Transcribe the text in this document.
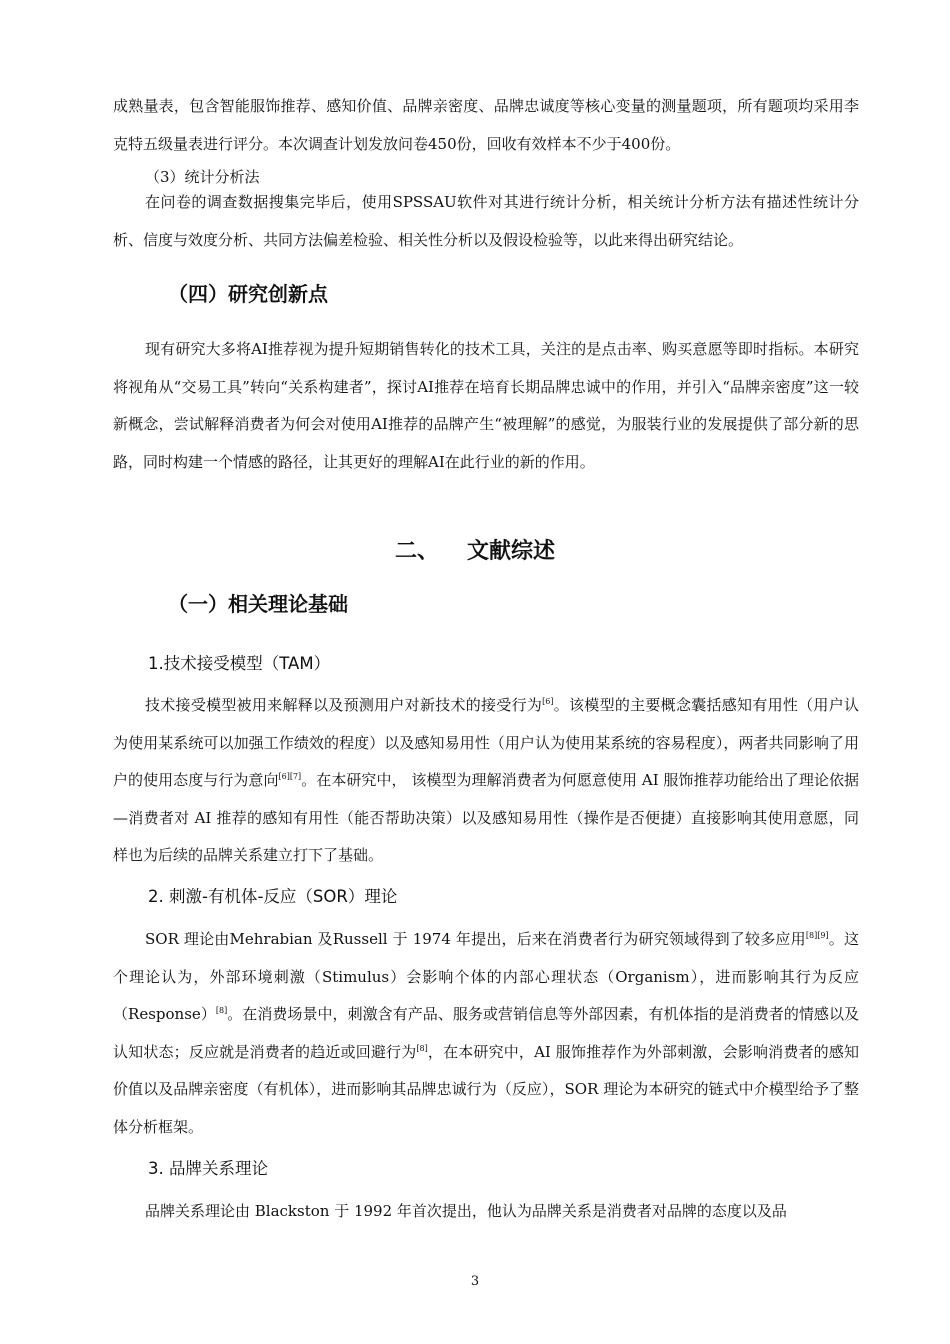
成熟量表，包含智能服饰推荐、感知价值、品牌亲密度、品牌忠诚度等核心变量的测量题项，所有题项均采用李克特五级量表进行评分。本次调查计划发放问卷450份，回收有效样本不少于400份。

（3）统计分析法

在问卷的调查数据搜集完毕后，使用SPSSAU软件对其进行统计分析，相关统计分析方法有描述性统计分析、信度与效度分析、共同方法偏差检验、相关性分析以及假设检验等，以此来得出研究结论。

（四）研究创新点

现有研究大多将AI推荐视为提升短期销售转化的技术工具，关注的是点击率、购买意愿等即时指标。本研究将视角从“交易工具”转向“关系构建者”，探讨AI推荐在培育长期品牌忠诚中的作用，并引入“品牌亲密度”这一较新概念，尝试解释消费者为何会对使用AI推荐的品牌产生“被理解”的感觉，为服装行业的发展提供了部分新的思路，同时构建一个情感的路径，让其更好的理解AI在此行业的新的作用。

二、 文献综述
（一）相关理论基础
1.技术接受模型（TAM）

技术接受模型被用来解释以及预测用户对新技术的接受行为[6]。该模型的主要概念囊括感知有用性（用户认为使用某系统可以加强工作绩效的程度）以及感知易用性（用户认为使用某系统的容易程度），两者共同影响了用户的使用态度与行为意向[6][7]。在本研究中， 该模型为理解消费者为何愿意使用 AI 服饰推荐功能给出了理论依据—消费者对 AI 推荐的感知有用性（能否帮助决策）以及感知易用性（操作是否便捷）直接影响其使用意愿，同样也为后续的品牌关系建立打下了基础。

2. 刺激-有机体-反应（SOR）理论

SOR 理论由Mehrabian 及Russell 于 1974 年提出，后来在消费者行为研究领域得到了较多应用[8][9]。这个理论认为，外部环境刺激（Stimulus）会影响个体的内部心理状态（Organism），进而影响其行为反应（Response）[8]。在消费场景中，刺激含有产品、服务或营销信息等外部因素，有机体指的是消费者的情感以及认知状态；反应就是消费者的趋近或回避行为[8]，在本研究中，AI 服饰推荐作为外部刺激，会影响消费者的感知价值以及品牌亲密度（有机体），进而影响其品牌忠诚行为（反应），SOR 理论为本研究的链式中介模型给予了整体分析框架。

3. 品牌关系理论

品牌关系理论由 Blackston 于 1992 年首次提出，他认为品牌关系是消费者对品牌的态度以及品

3
